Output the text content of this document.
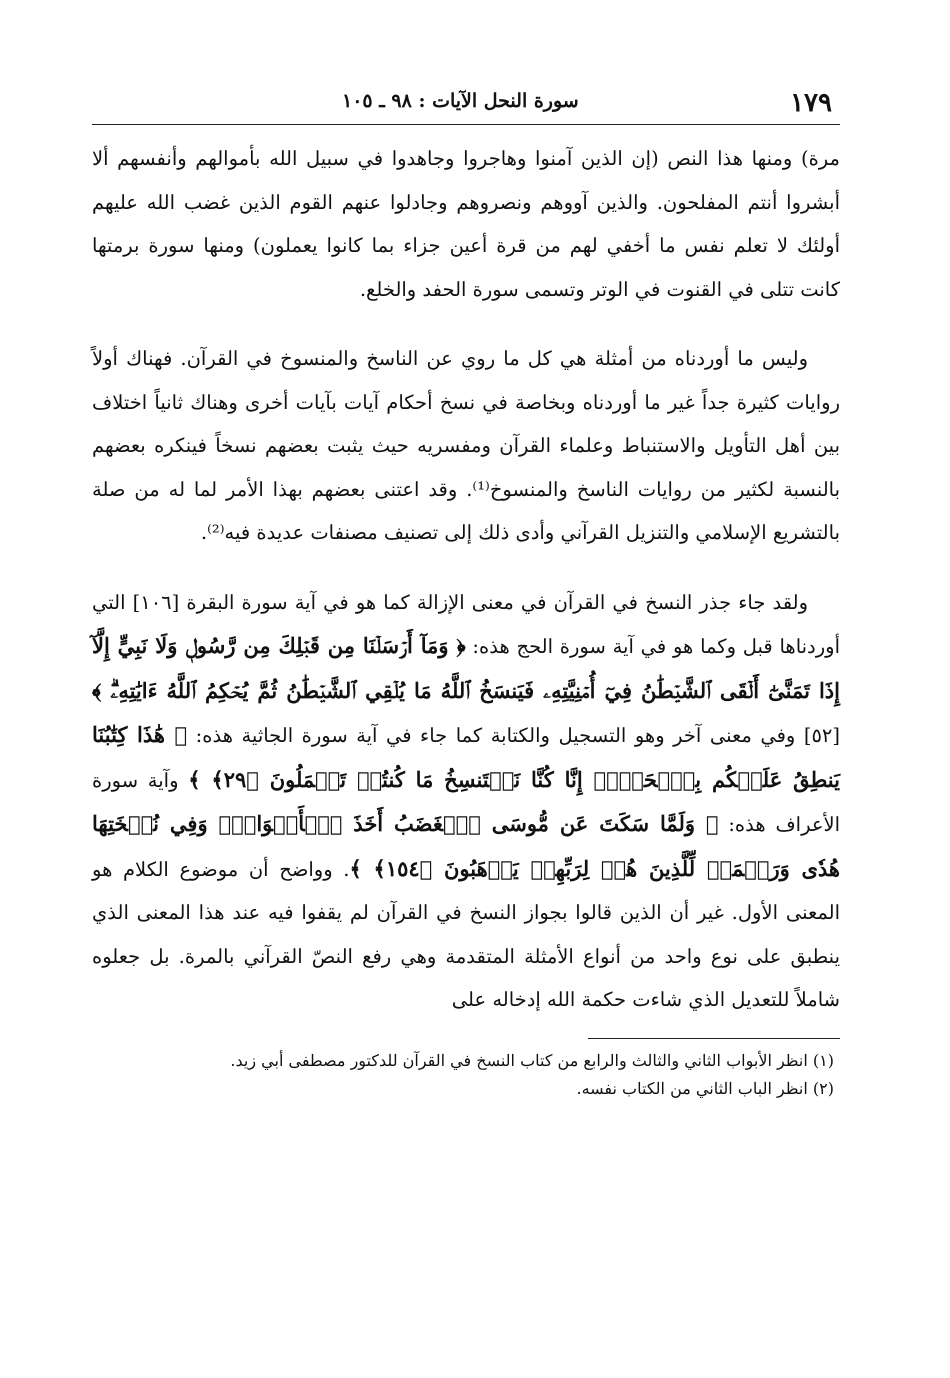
١٧٩
سورة النحل الآيات : ٩٨ ـ ١٠٥

مرة) ومنها هذا النص (إن الذين آمنوا وهاجروا وجاهدوا في سبيل الله بأموالهم وأنفسهم ألا أبشروا أنتم المفلحون. والذين آووهم ونصروهم وجادلوا عنهم القوم الذين غضب الله عليهم أولئك لا تعلم نفس ما أخفي لهم من قرة أعين جزاء بما كانوا يعملون) ومنها سورة برمتها كانت تتلى في القنوت في الوتر وتسمى سورة الحفد والخلع.

وليس ما أوردناه من أمثلة هي كل ما روي عن الناسخ والمنسوخ في القرآن. فهناك أولاً روايات كثيرة جداً غير ما أوردناه وبخاصة في نسخ أحكام آيات بآيات أخرى وهناك ثانياً اختلاف بين أهل التأويل والاستنباط وعلماء القرآن ومفسريه حيث يثبت بعضهم نسخاً فينكره بعضهم بالنسبة لكثير من روايات الناسخ والمنسوخ⁽¹⁾. وقد اعتنى بعضهم بهذا الأمر لما له من صلة بالتشريع الإسلامي والتنزيل القرآني وأدى ذلك إلى تصنيف مصنفات عديدة فيه⁽²⁾.

ولقد جاء جذر النسخ في القرآن في معنى الإزالة كما هو في آية سورة البقرة [١٠٦] التي أوردناها قبل وكما هو في آية سورة الحج هذه: ﴿ وَمَآ أَرۡسَلۡنَا مِن قَبۡلِكَ مِن رَّسُولٖ وَلَا نَبِيٍّ إِلَّآ إِذَا تَمَنَّىٰٓ أَلۡقَى ٱلشَّيۡطَٰنُ فِيٓ أُمۡنِيَّتِهِۦ فَيَنسَخُ ٱللَّهُ مَا يُلۡقِي ٱلشَّيۡطَٰنُ ثُمَّ يُحۡكِمُ ٱللَّهُ ءَايَٰتِهِۦۗ ﴾ [٥٢] وفي معنى آخر وهو التسجيل والكتابة كما جاء في آية سورة الجاثية هذه: ﴿ هَٰذَا كِتَٰبُنَا يَنطِقُ عَلَيۡكُم بِٱلۡحَقِّۚ إِنَّا كُنَّا نَسۡتَنسِخُ مَا كُنتُمۡ تَعۡمَلُونَ ﴿٢٩﴾ ﴾ وآية سورة الأعراف هذه: ﴿ وَلَمَّا سَكَتَ عَن مُّوسَى ٱلۡغَضَبُ أَخَذَ ٱلۡأَلۡوَاحَۖ وَفِي نُسۡخَتِهَا هُدٗى وَرَحۡمَةٞ لِّلَّذِينَ هُمۡ لِرَبِّهِمۡ يَرۡهَبُونَ ﴿١٥٤﴾ ﴾. وواضح أن موضوع الكلام هو المعنى الأول. غير أن الذين قالوا بجواز النسخ في القرآن لم يقفوا فيه عند هذا المعنى الذي ينطبق على نوع واحد من أنواع الأمثلة المتقدمة وهي رفع النصّ القرآني بالمرة. بل جعلوه شاملاً للتعديل الذي شاءت حكمة الله إدخاله على

(١) انظر الأبواب الثاني والثالث والرابع من كتاب النسخ في القرآن للدكتور مصطفى أبي زيد.

(٢) انظر الباب الثاني من الكتاب نفسه.
